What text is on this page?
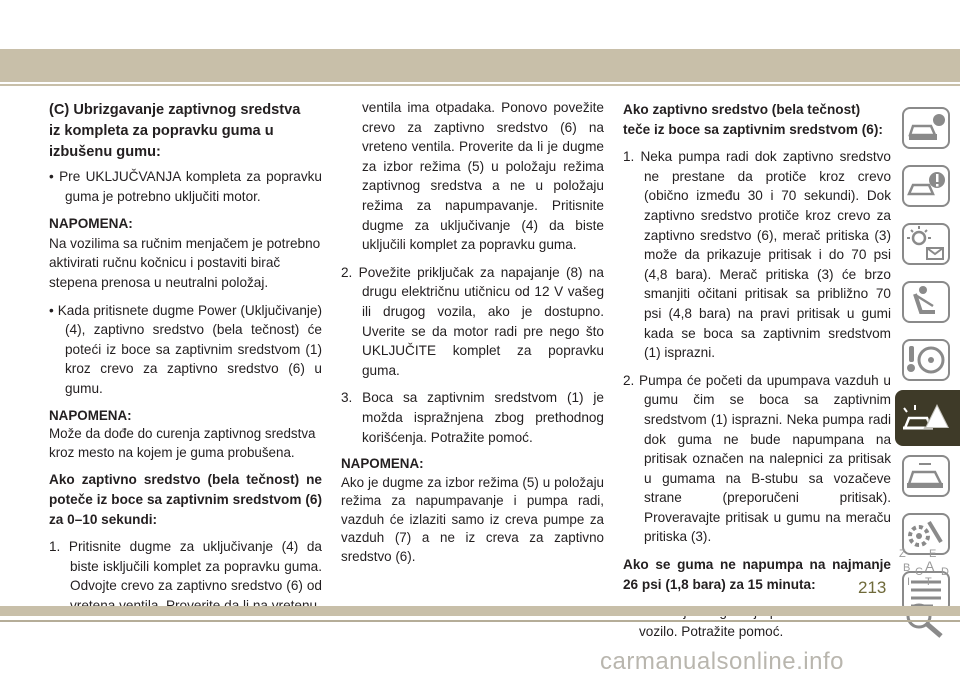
(C) Ubrizgavanje zaptivnog sredstva
iz kompleta za popravku guma u
izbušenu gumu:

• Pre UKLJUČVANJA kompleta za popravku guma je potrebno uključiti motor.

NAPOMENA:

Na vozilima sa ručnim menjačem je potrebno aktivirati ručnu kočnicu i postaviti birač stepena prenosa u neutralni položaj.

• Kada pritisnete dugme Power (Uključivanje) (4), zaptivno sredstvo (bela tečnost) će poteći iz boce sa zaptivnim sredstvom (1) kroz crevo za zaptivno sredstvo (6) u gumu.

NAPOMENA:

Može da dođe do curenja zaptivnog sredstva kroz mesto na kojem je guma probušena.

Ako zaptivno sredstvo (bela tečnost) ne poteče iz boce sa zaptivnim sredstvom (6) za 0–10 sekundi:

1. Pritisnite dugme za uključivanje (4) da biste isključili komplet za popravku guma. Odvojte crevo za zaptivno sredstvo (6) od

ventila ima otpadaka. Ponovo povežite crevo za zaptivno sredstvo (6) na vreteno ventila. Proverite da li je dugme za izbor režima (5) u položaju režima zaptivnog sredstva a ne u položaju režima za napumpavanje. Pritisnite dugme za uključivanje (4) da biste uključili komplet za popravku guma.

2. Povežite priključak za napajanje (8) na drugu električnu utičnicu od 12 V vašeg ili drugog vozila, ako je dostupno. Uverite se da motor radi pre nego što UKLJUČITE komplet za popravku guma.

3. Boca sa zaptivnim sredstvom (1) je možda ispražnjena zbog prethodnog korišćenja. Potražite pomoć.

NAPOMENA:

Ako je dugme za izbor režima (5) u položaju režima za napumpavanje i pumpa radi, vazduh će izlaziti samo iz creva pumpe za vazduh (7) a ne iz creva za zaptivno sredstvo (6).

Ako zaptivno sredstvo (bela tečnost) teče iz boce sa zaptivnim sredstvom (6):

1. Neka pumpa radi dok zaptivno sredstvo ne prestane da protiče kroz crevo (obično između 30 i 70 sekundi). Dok zaptivno sredstvo protiče kroz crevo za zaptivno sredstvo (6), merač pritiska (3) može da prikazuje pritisak i do 70 psi (4,8 bara). Merač pritiska (3) će brzo smanjiti očitani pritisak sa približno 70 psi (4,8 bara) na pravi pritisak u gumi kada se boca sa zaptivnim sredstvom (1) isprazni.

2. Pumpa će početi da upumpava vazduh u gumu čim se boca sa zaptivnim sredstvom (1) isprazni. Neka pumpa radi dok guma ne bude napumpana na pritisak označen na nalepnici za pritisak u gumama na B-stubu sa vozačeve strane (preporučeni pritisak). Proveravajte pritisak u gumu na meraču pritiska (3).

Ako se guma ne napumpa na najmanje 26 psi (1,8 bara) za 15 minuta:

vozilo. Potražite pomoć.

Z E
B A
C D
I T
213
carmanualsonline.info
